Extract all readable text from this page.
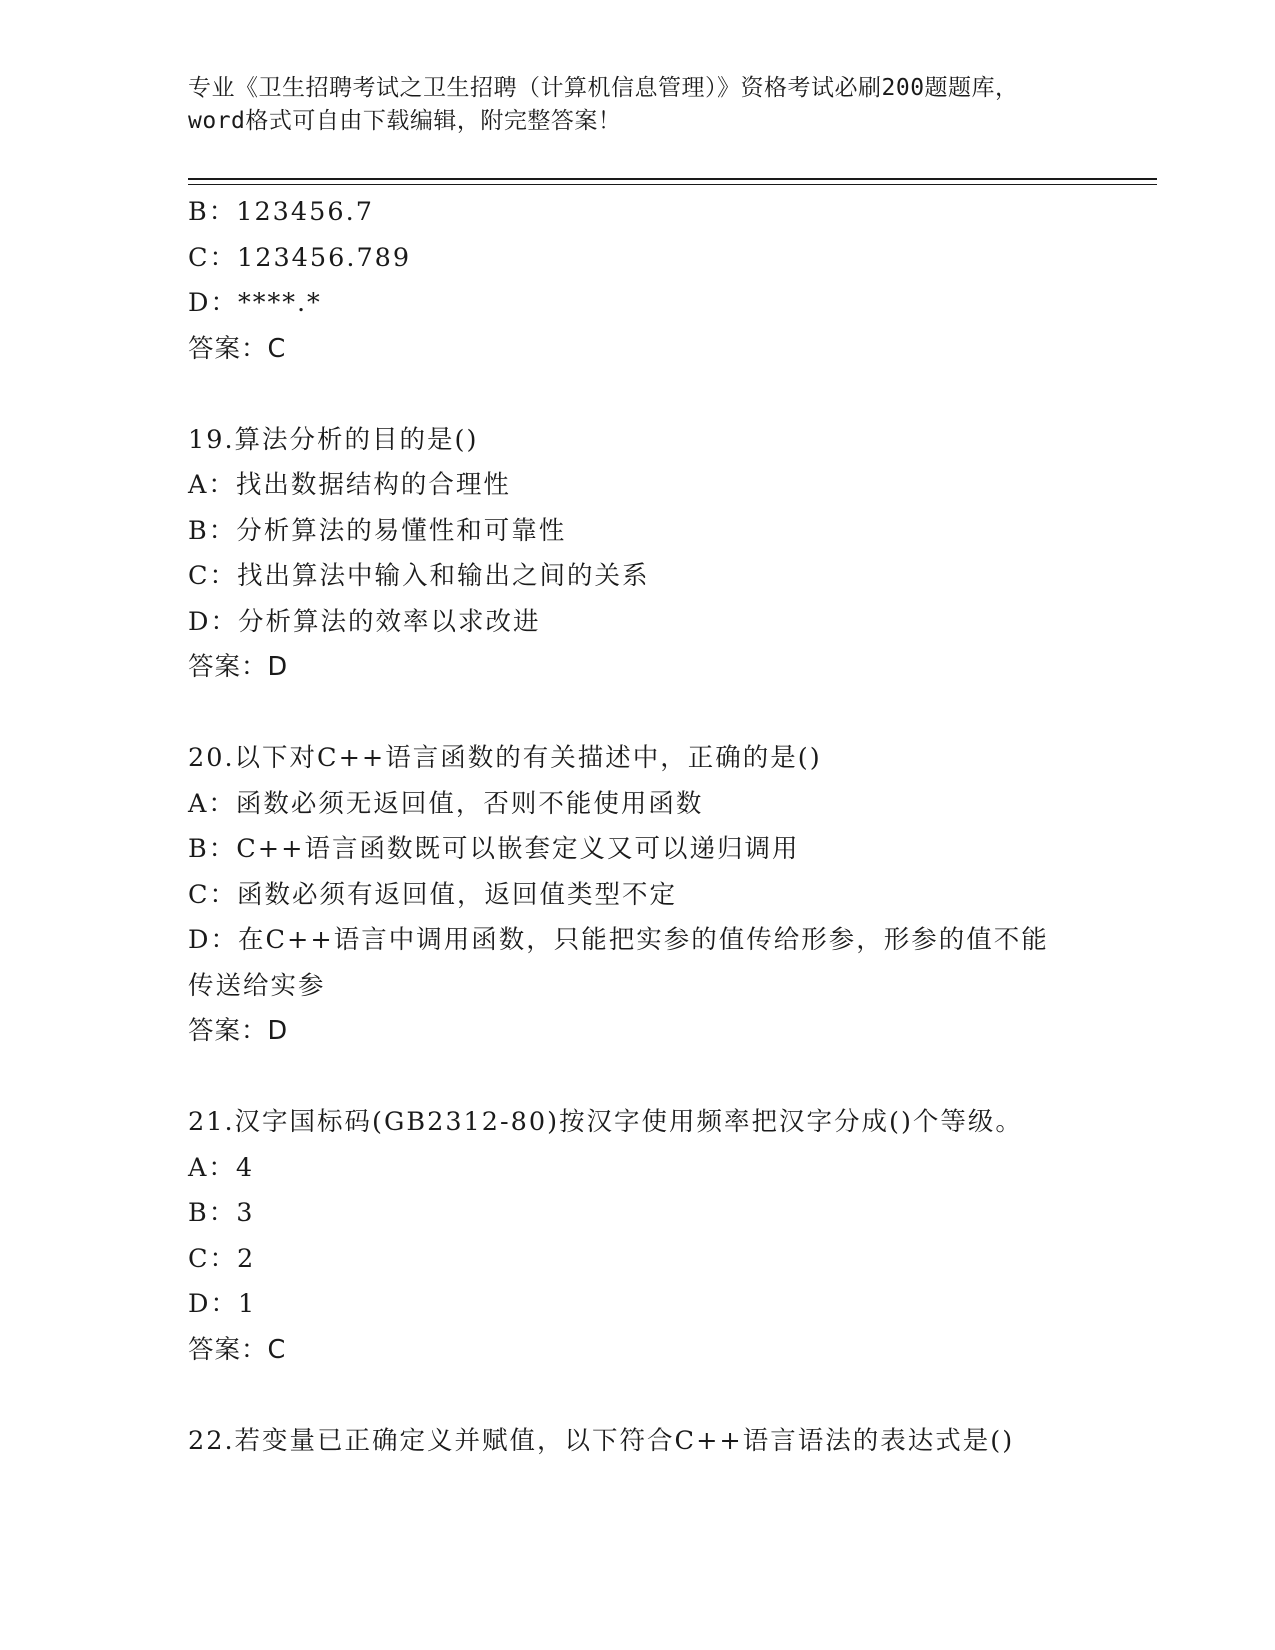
专业《卫生招聘考试之卫生招聘（计算机信息管理）》资格考试必刷200题题库，
word格式可自由下载编辑，附完整答案！
B：123456.7
C：123456.789
D：****.*
答案：C
19.算法分析的目的是()
A：找出数据结构的合理性
B：分析算法的易懂性和可靠性
C：找出算法中输入和输出之间的关系
D：分析算法的效率以求改进
答案：D
20.以下对C++语言函数的有关描述中，正确的是()
A：函数必须无返回值，否则不能使用函数
B：C++语言函数既可以嵌套定义又可以递归调用
C：函数必须有返回值，返回值类型不定
D：在C++语言中调用函数，只能把实参的值传给形参，形参的值不能
传送给实参
答案：D
21.汉字国标码(GB2312-80)按汉字使用频率把汉字分成()个等级。
A：4
B：3
C：2
D：1
答案：C
22.若变量已正确定义并赋值，以下符合C++语言语法的表达式是()
